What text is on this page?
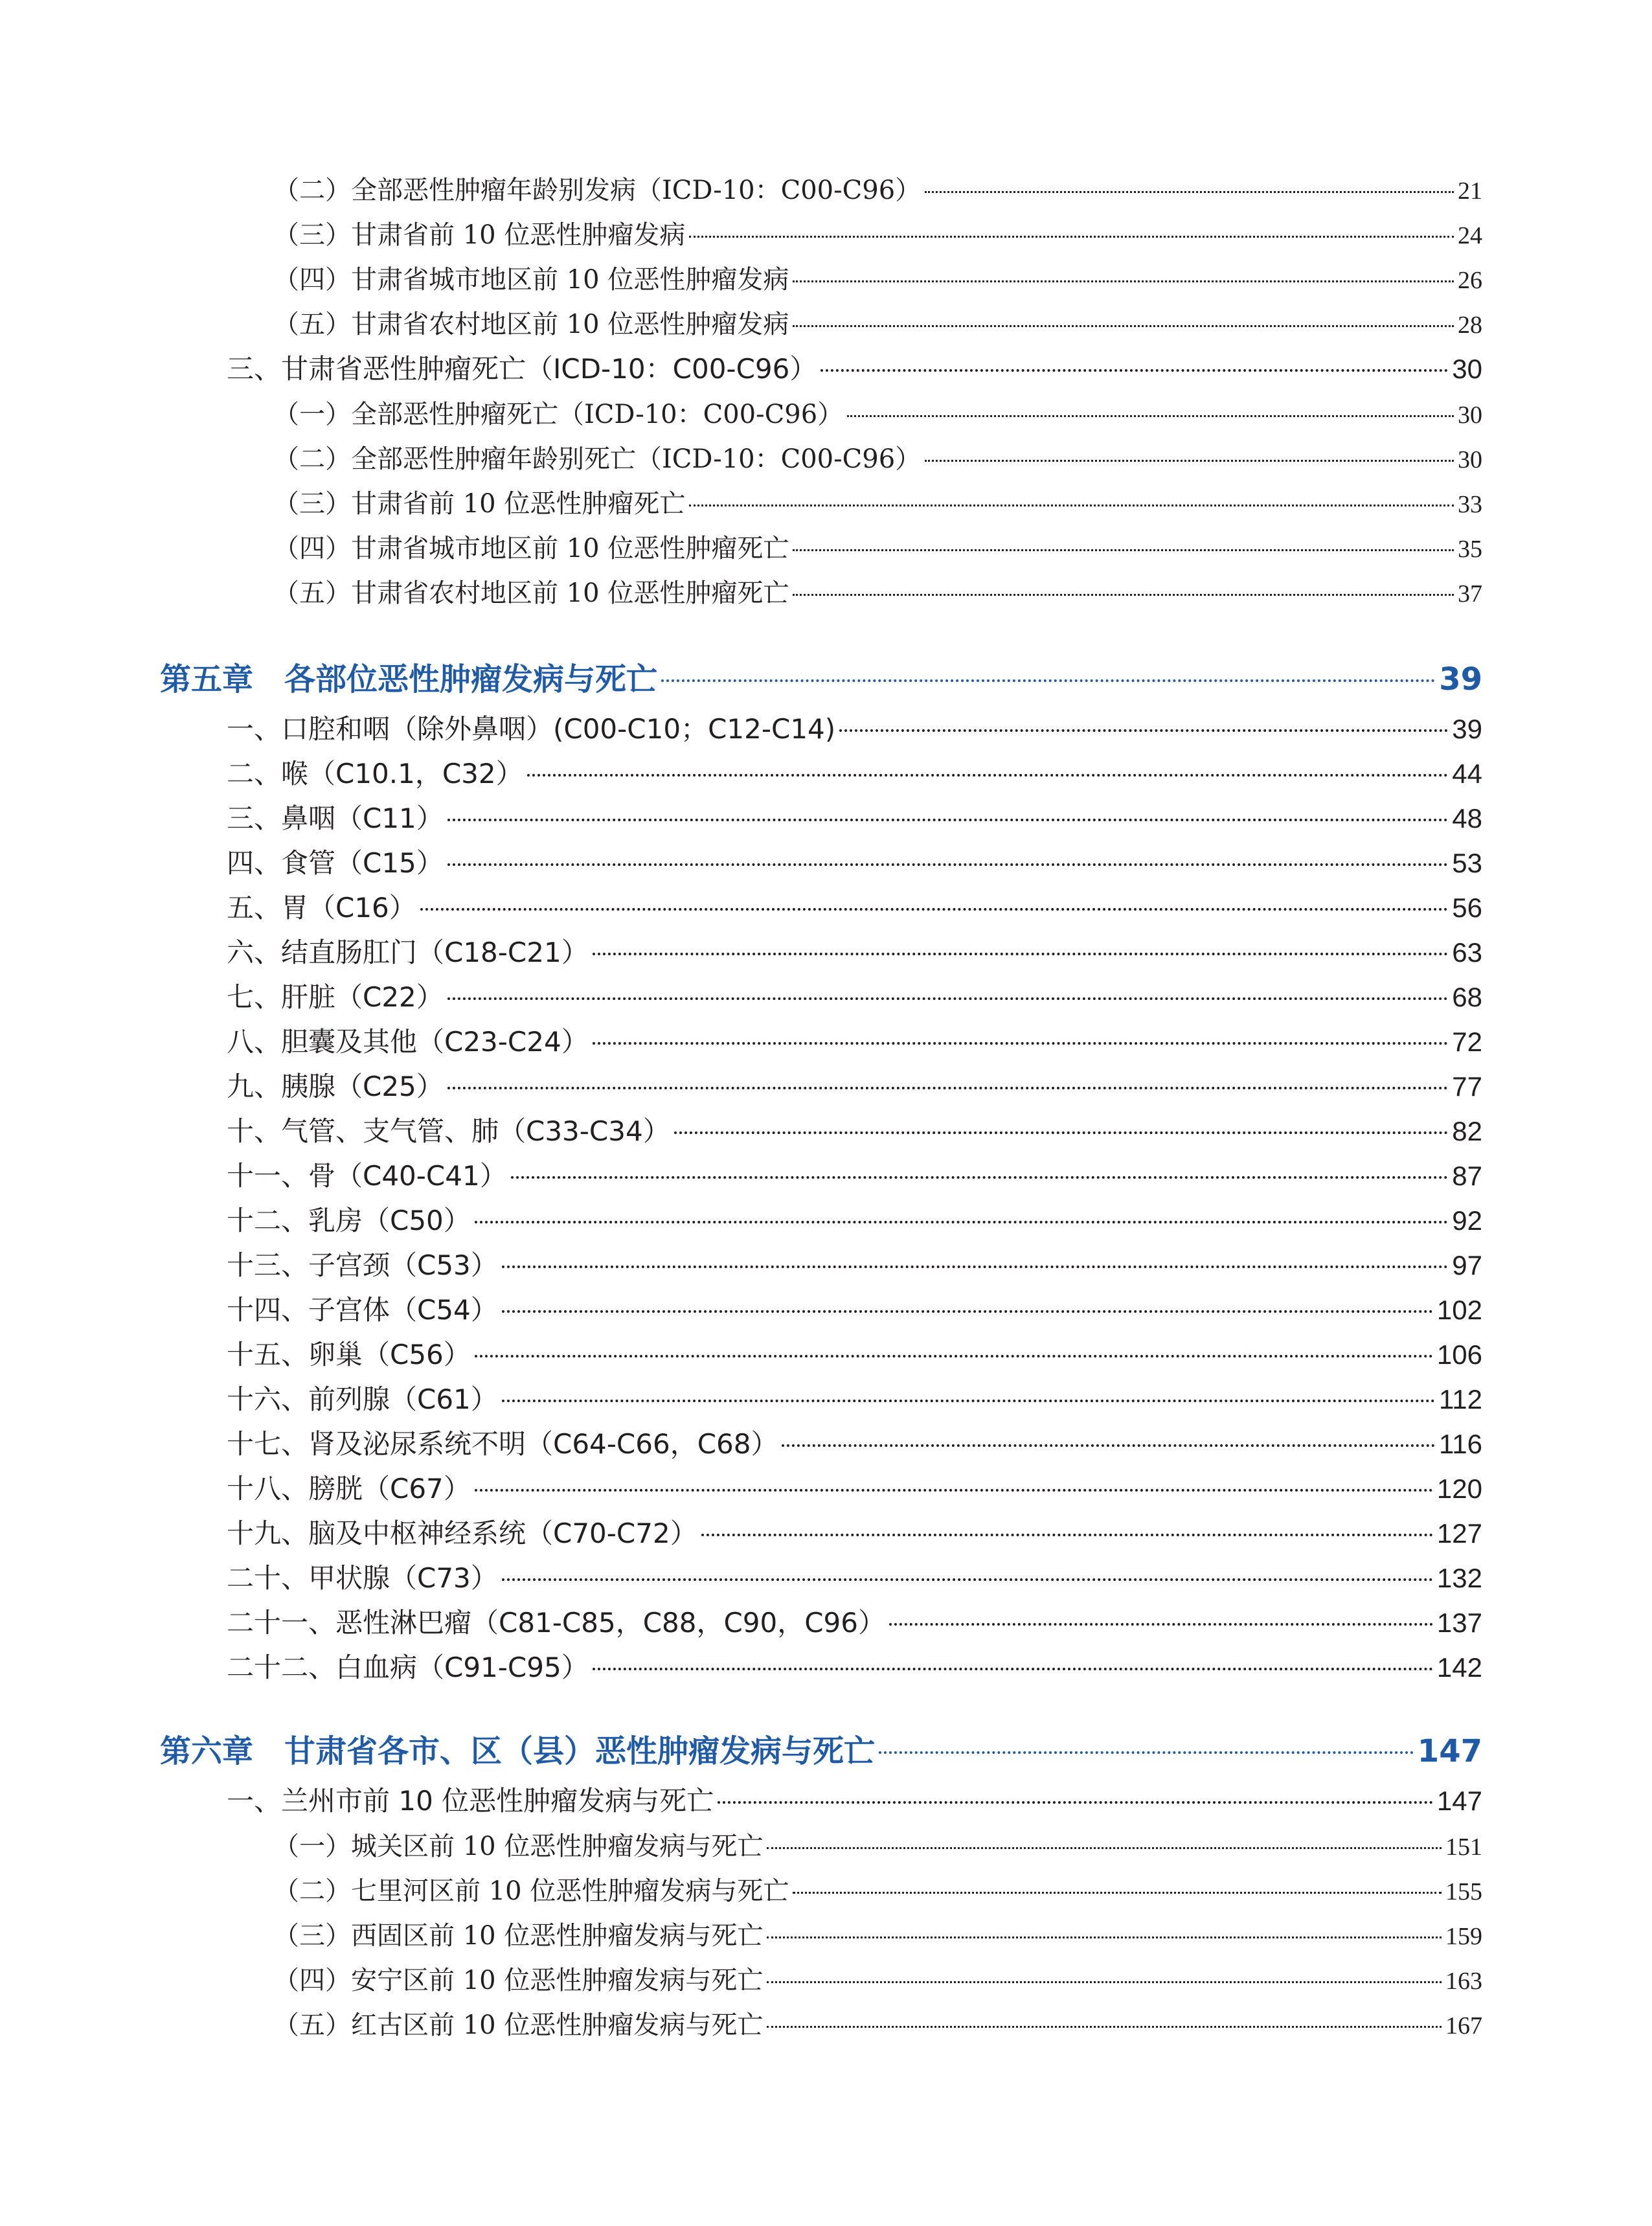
（二）全部恶性肿瘤年龄别发病（ICD-10：C00-C96）	21
（三）甘肃省前 10 位恶性肿瘤发病	24
（四）甘肃省城市地区前 10 位恶性肿瘤发病	26
（五）甘肃省农村地区前 10 位恶性肿瘤发病	28
三、甘肃省恶性肿瘤死亡（ICD-10：C00-C96）	30
（一）全部恶性肿瘤死亡（ICD-10：C00-C96）	30
（二）全部恶性肿瘤年龄别死亡（ICD-10：C00-C96）	30
（三）甘肃省前 10 位恶性肿瘤死亡	33
（四）甘肃省城市地区前 10 位恶性肿瘤死亡	35
（五）甘肃省农村地区前 10 位恶性肿瘤死亡	37
第五章 各部位恶性肿瘤发病与死亡	39
一、口腔和咽（除外鼻咽）(C00-C10；C12-C14)	39
二、喉（C10.1，C32）	44
三、鼻咽（C11）	48
四、食管（C15）	53
五、胃（C16）	56
六、结直肠肛门（C18-C21）	63
七、肝脏（C22）	68
八、胆囊及其他（C23-C24）	72
九、胰腺（C25）	77
十、气管、支气管、肺（C33-C34）	82
十一、骨（C40-C41）	87
十二、乳房（C50）	92
十三、子宫颈（C53）	97
十四、子宫体（C54）	102
十五、卵巢（C56）	106
十六、前列腺（C61）	112
十七、肾及泌尿系统不明（C64-C66，C68）	116
十八、膀胱（C67）	120
十九、脑及中枢神经系统（C70-C72）	127
二十、甲状腺（C73）	132
二十一、恶性淋巴瘤（C81-C85，C88，C90，C96）	137
二十二、白血病（C91-C95）	142
第六章 甘肃省各市、区（县）恶性肿瘤发病与死亡	147
一、兰州市前 10 位恶性肿瘤发病与死亡	147
（一）城关区前 10 位恶性肿瘤发病与死亡	151
（二）七里河区前 10 位恶性肿瘤发病与死亡	155
（三）西固区前 10 位恶性肿瘤发病与死亡	159
（四）安宁区前 10 位恶性肿瘤发病与死亡	163
（五）红古区前 10 位恶性肿瘤发病与死亡	167
